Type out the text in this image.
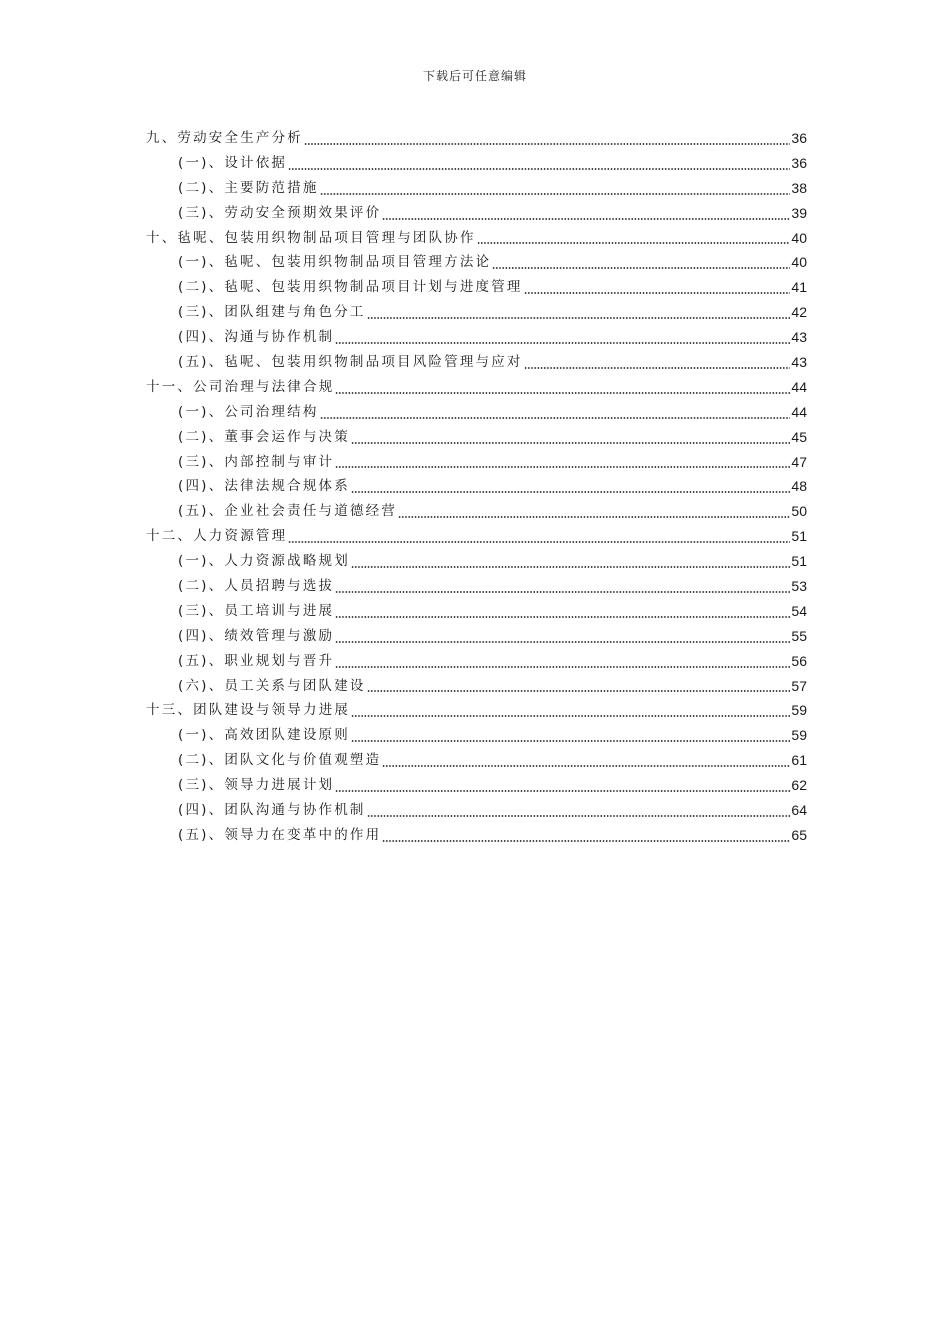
下载后可任意编辑
九、劳动安全生产分析	36
(一)、设计依据	36
(二)、主要防范措施	38
(三)、劳动安全预期效果评价	39
十、毡呢、包装用织物制品项目管理与团队协作	40
(一)、毡呢、包装用织物制品项目管理方法论	40
(二)、毡呢、包装用织物制品项目计划与进度管理	41
(三)、团队组建与角色分工	42
(四)、沟通与协作机制	43
(五)、毡呢、包装用织物制品项目风险管理与应对	43
十一、公司治理与法律合规	44
(一)、公司治理结构	44
(二)、董事会运作与决策	45
(三)、内部控制与审计	47
(四)、法律法规合规体系	48
(五)、企业社会责任与道德经营	50
十二、人力资源管理	51
(一)、人力资源战略规划	51
(二)、人员招聘与选拔	53
(三)、员工培训与进展	54
(四)、绩效管理与激励	55
(五)、职业规划与晋升	56
(六)、员工关系与团队建设	57
十三、团队建设与领导力进展	59
(一)、高效团队建设原则	59
(二)、团队文化与价值观塑造	61
(三)、领导力进展计划	62
(四)、团队沟通与协作机制	64
(五)、领导力在变革中的作用	65
